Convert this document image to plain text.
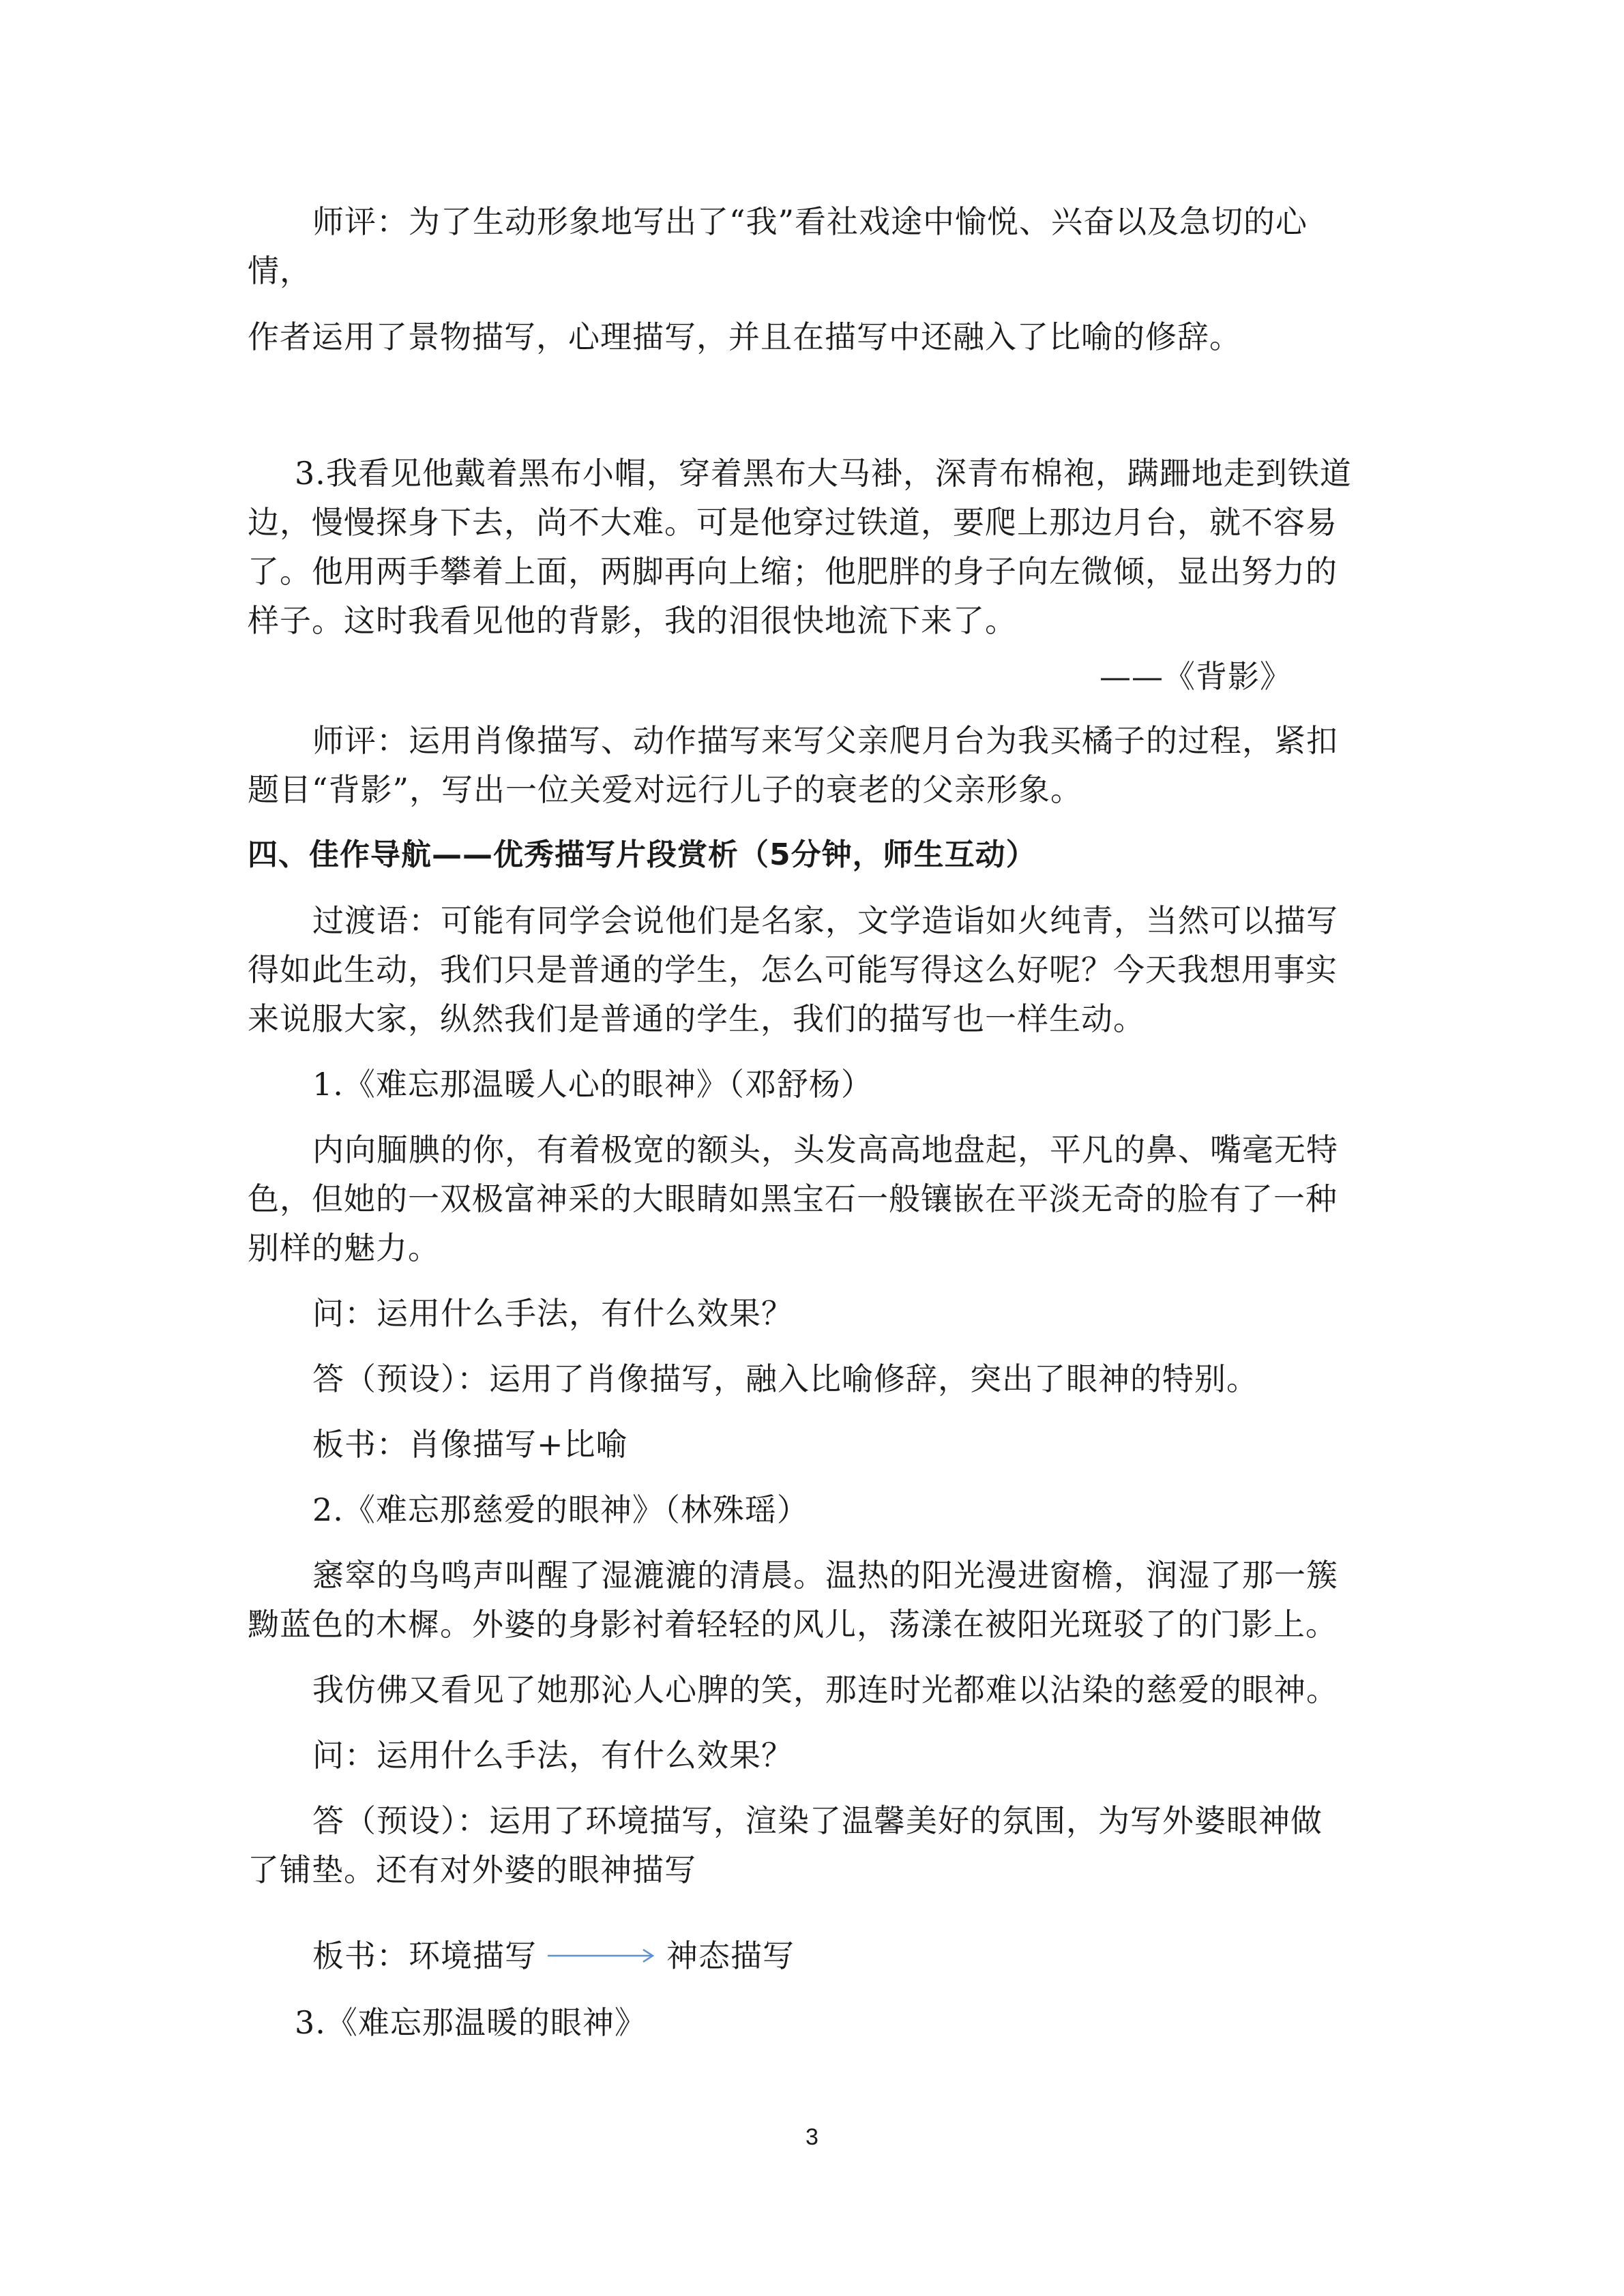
师评：为了生动形象地写出了“我”看社戏途中愉悦、兴奋以及急切的心
情，
作者运用了景物描写，心理描写，并且在描写中还融入了比喻的修辞。
3.我看见他戴着黑布小帽，穿着黑布大马褂，深青布棉袍，蹒跚地走到铁道
边，慢慢探身下去，尚不大难。可是他穿过铁道，要爬上那边月台，就不容易
了。他用两手攀着上面，两脚再向上缩；他肥胖的身子向左微倾，显出努力的
样子。这时我看见他的背影，我的泪很快地流下来了。
——《背影》
师评：运用肖像描写、动作描写来写父亲爬月台为我买橘子的过程，紧扣
题目“背影”，写出一位关爱对远行儿子的衰老的父亲形象。
四、佳作导航——优秀描写片段赏析（5分钟，师生互动）
过渡语：可能有同学会说他们是名家，文学造诣如火纯青，当然可以描写
得如此生动，我们只是普通的学生，怎么可能写得这么好呢？今天我想用事实
来说服大家，纵然我们是普通的学生，我们的描写也一样生动。
1.《难忘那温暖人心的眼神》（邓舒杨）
内向腼腆的你，有着极宽的额头，头发高高地盘起，平凡的鼻、嘴毫无特
色，但她的一双极富神采的大眼睛如黑宝石一般镶嵌在平淡无奇的脸有了一种
别样的魅力。
问：运用什么手法，有什么效果？
答（预设）：运用了肖像描写，融入比喻修辞，突出了眼神的特别。
板书：肖像描写+比喻
2.《难忘那慈爱的眼神》（林殊瑶）
窸窣的鸟鸣声叫醒了湿漉漉的清晨。温热的阳光漫进窗檐，润湿了那一簇
黝蓝色的木樨。外婆的身影衬着轻轻的风儿，荡漾在被阳光斑驳了的门影上。
我仿佛又看见了她那沁人心脾的笑，那连时光都难以沾染的慈爱的眼神。
问：运用什么手法，有什么效果？
答（预设）：运用了环境描写，渲染了温馨美好的氛围，为写外婆眼神做
了铺垫。还有对外婆的眼神描写
板书：环境描写	神态描写
3.《难忘那温暖的眼神》
3
